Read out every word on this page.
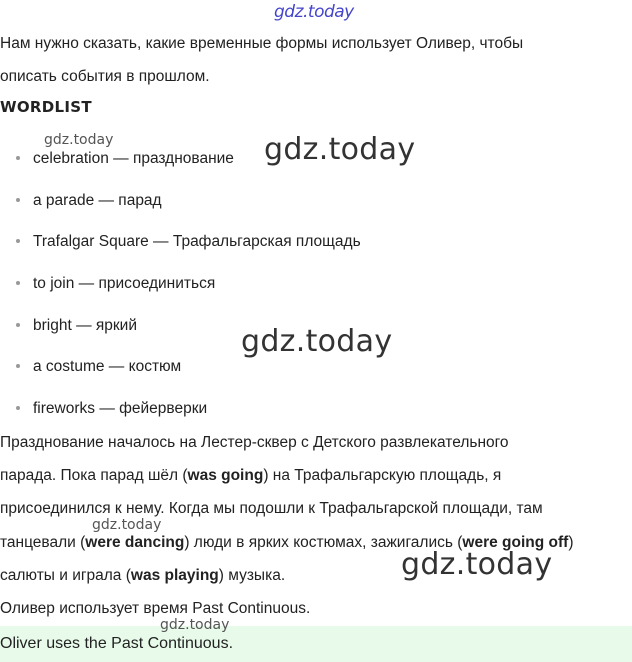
gdz.today
gdz.today	gdz.today
gdz.today
gdz.today
gdz.today

Нам нужно сказать, какие временные формы использует Оливер, чтобы

описать события в прошлом.

WORDLIST
celebration — празднование
a parade — парад
Trafalgar Square — Трафальгарская площадь
to join — присоединиться
bright — яркий
a costume — костюм
fireworks — фейерверки

Празднование началось на Лестер-сквер с Детского развлекательного

парада. Пока парад шёл (was going) на Трафальгарскую площадь, я

присоединился к нему. Когда мы подошли к Трафальгарской площади, там

танцевали (were dancing) люди в ярких костюмах, зажигались (were going off)

салюты и играла (was playing) музыка.

Оливер использует время Past Continuous.

Oliver uses the Past Continuous.

gdz.today
